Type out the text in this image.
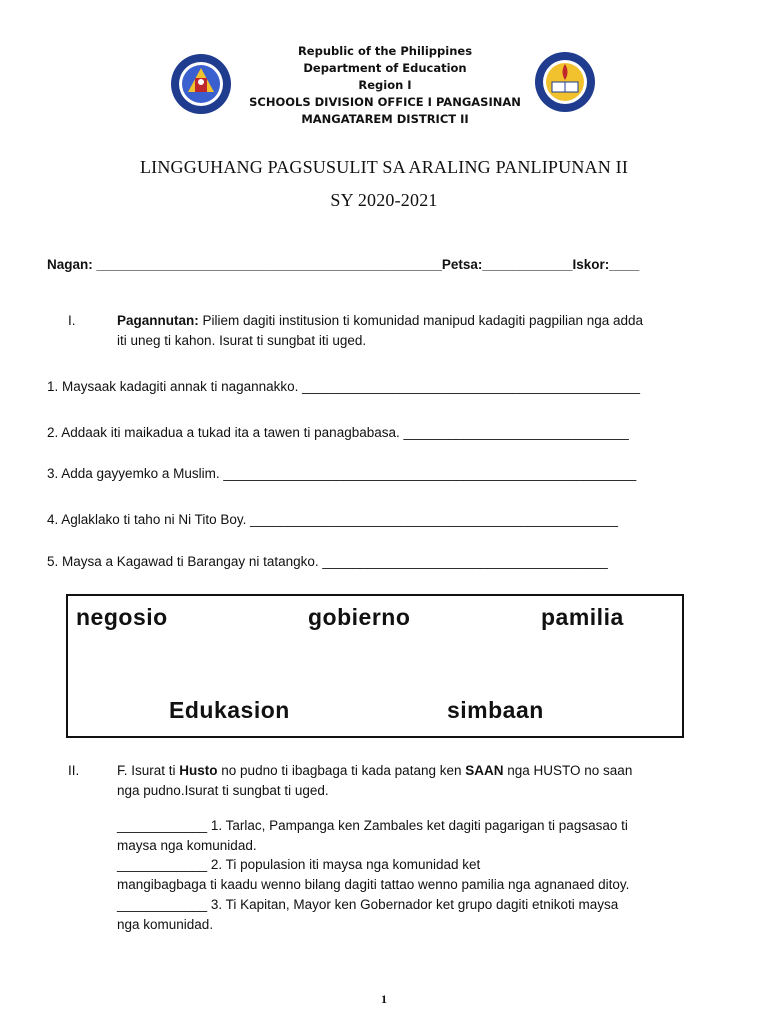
Republic of the Philippines
Department of Education
Region I
SCHOOLS DIVISION OFFICE I PANGASINAN
MANGATAREM DISTRICT II
LINGGUHANG PAGSUSULIT SA ARALING PANLIPUNAN II
SY 2020-2021
Nagan: ______________________________________________Petsa:____________Iskor:____
I.	Pagannutan: Piliem dagiti institusion ti komunidad manipud kadagiti pagpilian nga adda
iti uneg ti kahon. Isurat ti sungbat iti uged.
1. Maysaak kadagiti annak ti nagannakko. _____________________________________________
2. Addaak iti maikadua a tukad ita a tawen ti panagbabasa. ______________________________
3. Adda gayyemko a Muslim. _______________________________________________________
4. Aglaklako ti taho ni Ni Tito Boy. _________________________________________________
5. Maysa a Kagawad ti Barangay ni tatangko. ______________________________________
negosio	gobierno	pamilia
Edukasion	simbaan
II.	F. Isurat ti Husto no pudno ti ibagbaga ti kada patang ken SAAN nga HUSTO no saan
nga pudno.Isurat ti sungbat ti uged.
____________ 1. Tarlac, Pampanga ken Zambales ket dagiti pagarigan ti pagsasao ti
maysa nga komunidad.
____________ 2. Ti populasion iti maysa nga komunidad ket
mangibagbaga ti kaadu wenno bilang dagiti tattao wenno pamilia nga agnanaed ditoy.
____________ 3. Ti Kapitan, Mayor ken Gobernador ket grupo dagiti etnikoti maysa
nga komunidad.
1
